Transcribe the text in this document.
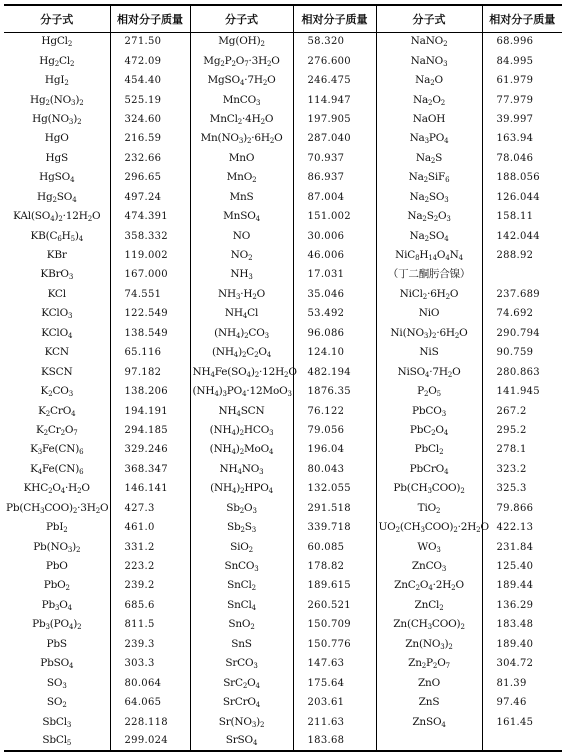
分子式	相对分子质量	分子式	相对分子质量	分子式	相对分子质量
HgCl$_2$	271.50	$Mg(OH)_2$	58.320	NaNO$_2$	68.996
$Hg_2Cl_2$	472.09	$Mg_2P_2O_7\cdot 3H_2O$	276.600	NaNO$_3$	84.995
HgI$_2$	454.40	$MgSO_4\cdot 7H_2O$	246.475	$Na_2O$	61.979
$Hg_2(NO_3)_2$	525.19	MnCO$_3$	114.947	$Na_2O_2$	77.979
$Hg(NO_3)_2$	324.60	$MnCl_2\cdot 4H_2O$	197.905	NaOH	39.997
HgO	216.59	$Mn(NO_3)_2\cdot 6H_2O$	287.040	$Na_3PO_4$	163.94
HgS	232.66	MnO	70.937	$Na_2S$	78.046
HgSO$_4$	296.65	MnO$_2$	86.937	$Na_2SiF_6$	188.056
$Hg_2SO_4$	497.24	MnS	87.004	$Na_2SO_3$	126.044
$KAl(SO_4)_2\cdot 12H_2O$	474.391	MnSO$_4$	151.002	$Na_2S_2O_3$	158.11
$KB(C_6H_5)_4$	358.332	NO	30.006	$Na_2SO_4$	142.044
KBr	119.002	$NO_2$	46.006	$NiC_8H_{14}O_4N_4$	288.92
KBrO$_3$	167.000	$NH_3$	17.031	（丁二酮肟合镍）	
KCl	74.551	$NH_3\cdot H_2O$	35.046	$NiCl_2\cdot 6H_2O$	237.689
KClO$_3$	122.549	$NH_4Cl$	53.492	NiO	74.692
KClO$_4$	138.549	$(NH_4)_2CO_3$	96.086	$Ni(NO_3)_2\cdot 6H_2O$	290.794
KCN	65.116	$(NH_4)_2C_2O_4$	124.10	NiS	90.759
KSCN	97.182	$NH_4Fe(SO_4)_2\cdot 12H_2O$	482.194	$NiSO_4\cdot 7H_2O$	280.863
$K_2CO_3$	138.206	$(NH_4)_3PO_4\cdot 12MoO_3$	1876.35	$P_2O_5$	141.945
$K_2CrO_4$	194.191	$NH_4SCN$	76.122	PbCO$_3$	267.2
$K_2Cr_2O_7$	294.185	$(NH_4)_2HCO_3$	79.056	$PbC_2O_4$	295.2
$K_3Fe(CN)_6$	329.246	$(NH_4)_2MoO_4$	196.04	PbCl$_2$	278.1
$K_4Fe(CN)_6$	368.347	$NH_4NO_3$	80.043	PbCrO$_4$	323.2
$KHC_2O_4\cdot H_2O$	146.141	$(NH_4)_2HPO_4$	132.055	$Pb(CH_3COO)_2$	325.3
$Pb(CH_3COO)_2\cdot 3H_2O$	427.3	$Sb_2O_3$	291.518	TiO$_2$	79.866
PbI$_2$	461.0	$Sb_2S_3$	339.718	$UO_2(CH_3COO)_2\cdot 2H_2O$	422.13
$Pb(NO_3)_2$	331.2	SiO$_2$	60.085	$WO_3$	231.84
PbO	223.2	SnCO$_3$	178.82	ZnCO$_3$	125.40
PbO$_2$	239.2	SnCl$_2$	189.615	$ZnC_2O_4\cdot 2H_2O$	189.44
$Pb_3O_4$	685.6	SnCl$_4$	260.521	ZnCl$_2$	136.29
$Pb_3(PO_4)_2$	811.5	SnO$_2$	150.709	$Zn(CH_3COO)_2$	183.48
PbS	239.3	SnS	150.776	$Zn(NO_3)_2$	189.40
PbSO$_4$	303.3	SrCO$_3$	147.63	$Zn_2P_2O_7$	304.72
$SO_3$	80.064	$SrC_2O_4$	175.64	ZnO	81.39
$SO_2$	64.065	SrCrO$_4$	203.61	ZnS	97.46
SbCl$_3$	228.118	$Sr(NO_3)_2$	211.63	ZnSO$_4$	161.45
SbCl$_5$	299.024	SrSO$_4$	183.68		
